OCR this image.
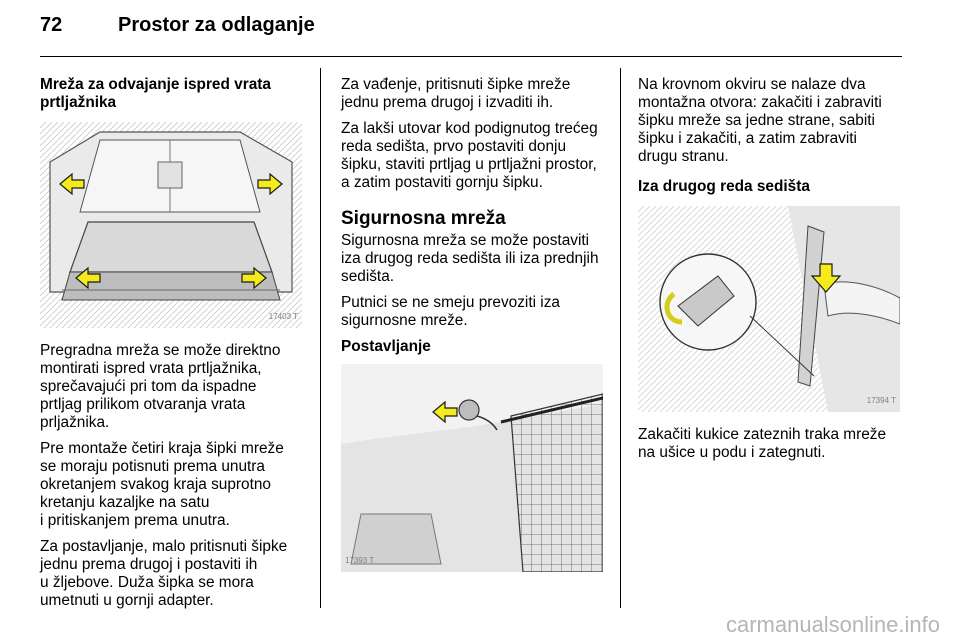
72	Prostor za odlaganje
Mreža za odvajanje ispred vrata
prtljažnika
17403 T

Pregradna mreža se može direktno
montirati ispred vrata prtljažnika,
sprečavajući pri tom da ispadne
prtljag prilikom otvaranja vrata
prljažnika.

Pre montaže četiri kraja šipki mreže
se moraju potisnuti prema unutra
okretanjem svakog kraja suprotno
kretanju kazaljke na satu
i pritiskanjem prema unutra.

Za postavljanje, malo pritisnuti šipke
jednu prema drugoj i postaviti ih
u žljebove. Duža šipka se mora
umetnuti u gornji adapter.

Za vađenje, pritisnuti šipke mreže
jednu prema drugoj i izvaditi ih.

Za lakši utovar kod podignutog trećeg
reda sedišta, prvo postaviti donju
šipku, staviti prtljag u prtljažni prostor,
a zatim postaviti gornju šipku.

Sigurnosna mreža

Sigurnosna mreža se može postaviti
iza drugog reda sedišta ili iza prednjih
sedišta.

Putnici se ne smeju prevoziti iza
sigurnosne mreže.

Postavljanje
17393 T

Na krovnom okviru se nalaze dva
montažna otvora: zakačiti i zabraviti
šipku mreže sa jedne strane, sabiti
šipku i zakačiti, a zatim zabraviti
drugu stranu.

Iza drugog reda sedišta
17394 T

Zakačiti kukice zateznih traka mreže
na ušice u podu i zategnuti.

carmanualsonline.info
